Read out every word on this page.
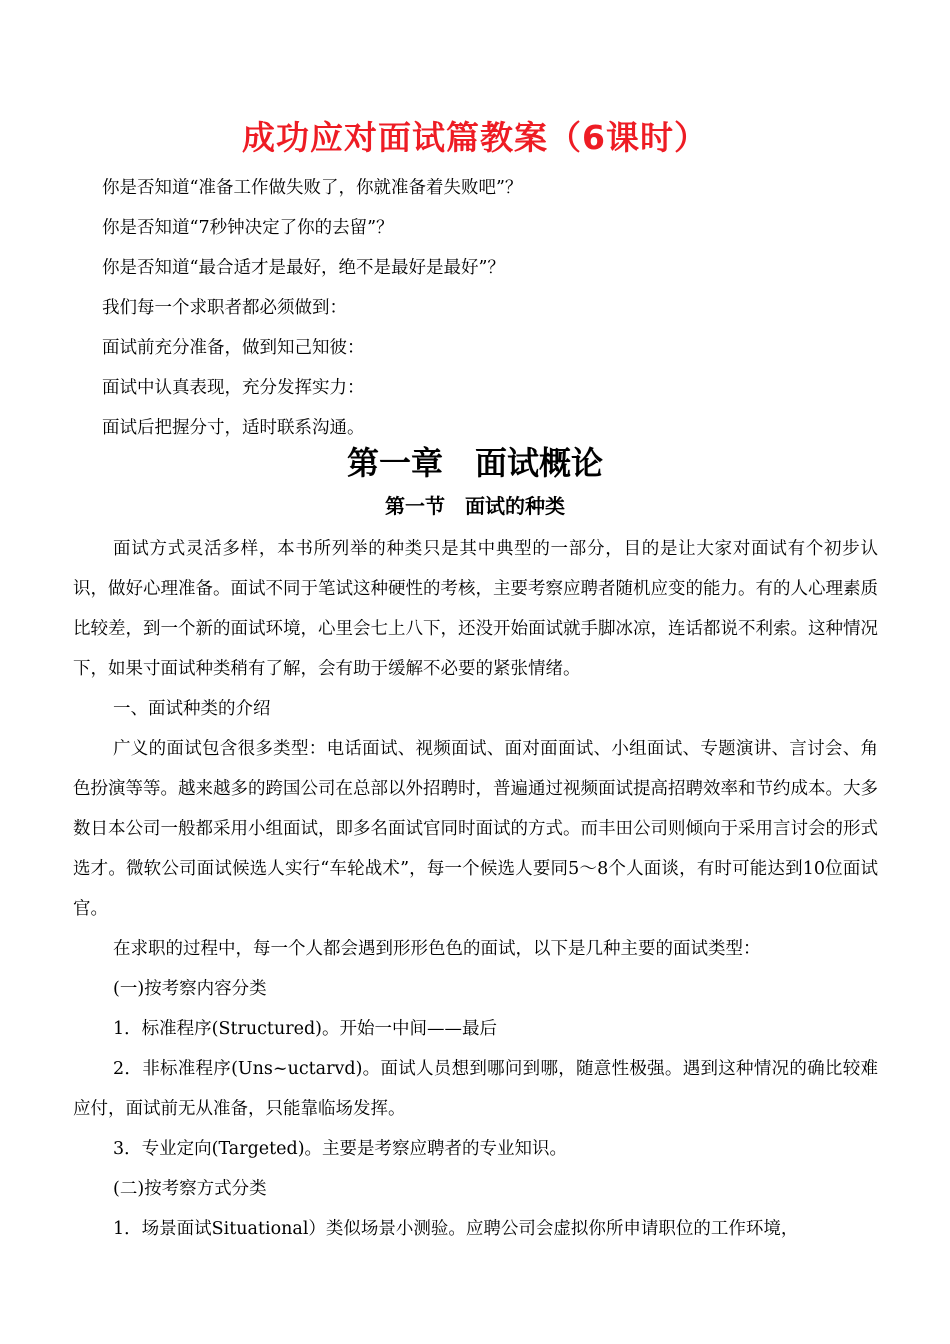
成功应对面试篇教案（6课时）

你是否知道“准备工作做失败了，你就准备着失败吧”？

你是否知道“7秒钟决定了你的去留”？

你是否知道“最合适才是最好，绝不是最好是最好”？

我们每一个求职者都必须做到：

面试前充分准备，做到知己知彼：

面试中认真表现，充分发挥实力：

面试后把握分寸，适时联系沟通。

第一章　面试概论
第一节　面试的种类

面试方式灵活多样，本书所列举的种类只是其中典型的一部分，目的是让大家对面试有个初步认识，做好心理准备。面试不同于笔试这种硬性的考核，主要考察应聘者随机应变的能力。有的人心理素质比较差，到一个新的面试环境，心里会七上八下，还没开始面试就手脚冰凉，连话都说不利索。这种情况下，如果寸面试种类稍有了解，会有助于缓解不必要的紧张情绪。

一、面试种类的介绍

广义的面试包含很多类型：电话面试、视频面试、面对面面试、小组面试、专题演讲、言讨会、角色扮演等等。越来越多的跨国公司在总部以外招聘时，普遍通过视频面试提高招聘效率和节约成本。大多数日本公司一般都采用小组面试，即多名面试官同时面试的方式。而丰田公司则倾向于采用言讨会的形式选才。微软公司面试候选人实行“车轮战术”，每一个候选人要同5～8个人面谈，有时可能达到10位面试官。

在求职的过程中，每一个人都会遇到形形色色的面试，以下是几种主要的面试类型：

(一)按考察内容分类

1．标准程序(Structured)。开始一中间——最后

2．非标准程序(Uns~uctarvd)。面试人员想到哪问到哪，随意性极强。遇到这种情况的确比较难应付，面试前无从准备，只能靠临场发挥。

3．专业定向(Targeted)。主要是考察应聘者的专业知识。

(二)按考察方式分类

1．场景面试Situational）类似场景小测验。应聘公司会虚拟你所申请职位的工作环境，
